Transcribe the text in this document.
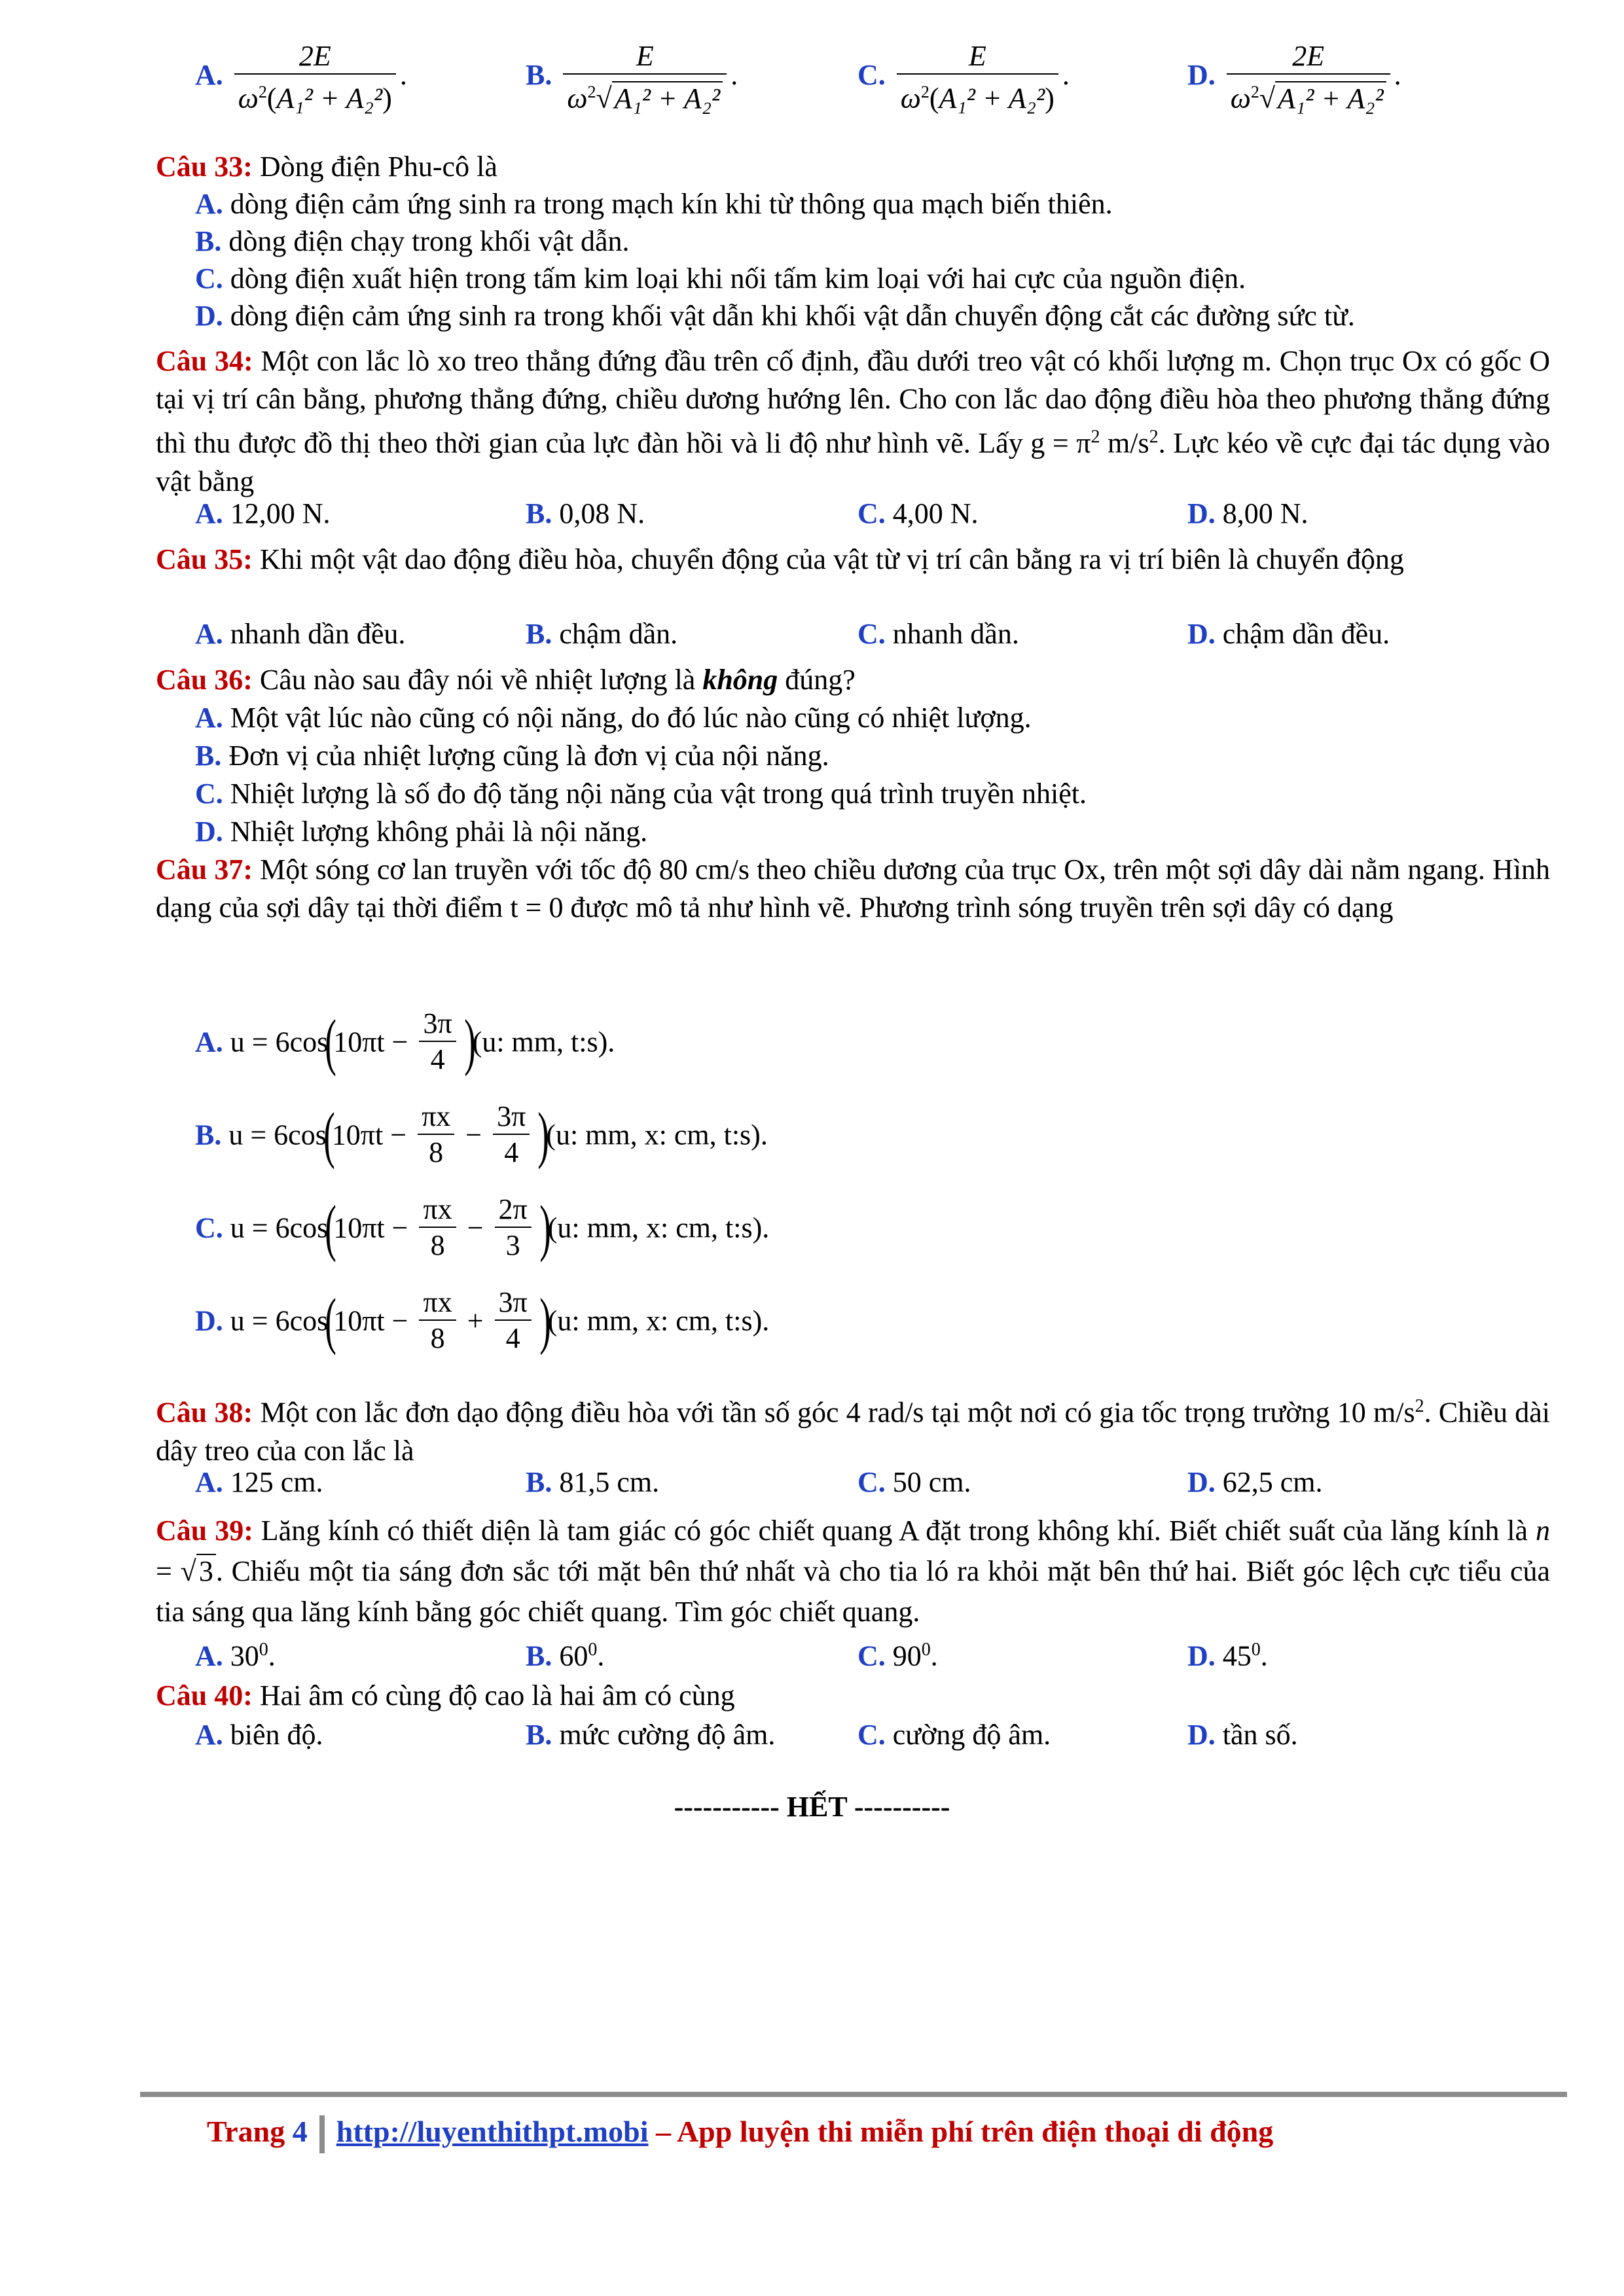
A. $\frac{2E}{\omega^2(A_1^2 + A_2^2)}$ .	B. $\frac{E}{\omega^2√A_1^2 + A_2^2}$ .	C. $\frac{E}{\omega^2(A_1^2 + A_2^2)}$ .	D. $\frac{2E}{\omega^2√A_1^2 + A_2^2}$ .
Câu 33: Dòng điện Phu-cô là
A. dòng điện cảm ứng sinh ra trong mạch kín khi từ thông qua mạch biến thiên.
B. dòng điện chạy trong khối vật dẫn.
C. dòng điện xuất hiện trong tấm kim loại khi nối tấm kim loại với hai cực của nguồn điện.
D. dòng điện cảm ứng sinh ra trong khối vật dẫn khi khối vật dẫn chuyển động cắt các đường sức từ.
Câu 34: Một con lắc lò xo treo thẳng đứng đầu trên cố định, đầu dưới treo vật có khối lượng m. Chọn trục Ox có gốc O tại vị trí cân bằng, phương thẳng đứng, chiều dương hướng lên. Cho con lắc dao động điều hòa theo phương thẳng đứng thì thu được đồ thị theo thời gian của lực đàn hồi và li độ như hình vẽ. Lấy $g = \pi^2$ $m/s^2$. Lực kéo về cực đại tác dụng vào vật bằng
A. 12,00 N.	B. 0,08 N.	C. 4,00 N.	D. 8,00 N.
Câu 35: Khi một vật dao động điều hòa, chuyển động của vật từ vị trí cân bằng ra vị trí biên là chuyển động
A. nhanh dần đều.	B. chậm dần.	C. nhanh dần.	D. chậm dần đều.
Câu 36: Câu nào sau đây nói về nhiệt lượng là không đúng?
A. Một vật lúc nào cũng có nội năng, do đó lúc nào cũng có nhiệt lượng.
B. Đơn vị của nhiệt lượng cũng là đơn vị của nội năng.
C. Nhiệt lượng là số đo độ tăng nội năng của vật trong quá trình truyền nhiệt.
D. Nhiệt lượng không phải là nội năng.
Câu 37: Một sóng cơ lan truyền với tốc độ 80 cm/s theo chiều dương của trục Ox, trên một sợi dây dài nằm ngang. Hình dạng của sợi dây tại thời điểm t = 0 được mô tả như hình vẽ. Phương trình sóng truyền trên sợi dây có dạng
A. $u = 6\cos(10\pi t - \frac{3\pi}{4} )(u$: mm, t:s).
B. $u = 6\cos(10\pi t - \frac{\pi x}{8} - \frac{3\pi}{4} )(u$: mm, x: cm, t:s).
C. $u = 6\cos(10\pi t - \frac{\pi x}{8} - \frac{2\pi}{3} )(u$: mm, x: cm, t:s).
D. $u = 6\cos(10\pi t - \frac{\pi x}{8} + \frac{3\pi}{4} )(u$: mm, x: cm, t:s).
Câu 38: Một con lắc đơn dạo động điều hòa với tần số góc 4 rad/s tại một nơi có gia tốc trọng trường 10 $m/s^2$. Chiều dài dây treo của con lắc là
A. 125 cm.	B. 81,5 cm.	C. 50 cm.	D. 62,5 cm.
Câu 39: Lăng kính có thiết diện là tam giác có góc chiết quang A đặt trong không khí. Biết chiết suất của lăng kính là n = √3. Chiếu một tia sáng đơn sắc tới mặt bên thứ nhất và cho tia ló ra khỏi mặt bên thứ hai. Biết góc lệch cực tiểu của tia sáng qua lăng kính bằng góc chiết quang. Tìm góc chiết quang.
A. $30^0$.	B. $60^0$.	C. $90^0$.	D. $45^0$.
Câu 40: Hai âm có cùng độ cao là hai âm có cùng
A. biên độ.	B. mức cường độ âm.	C. cường độ âm.	D. tần số.
----------- HẾT ----------
Trang 4 http://luyenthithpt.mobi – App luyện thi miễn phí trên điện thoại di động
